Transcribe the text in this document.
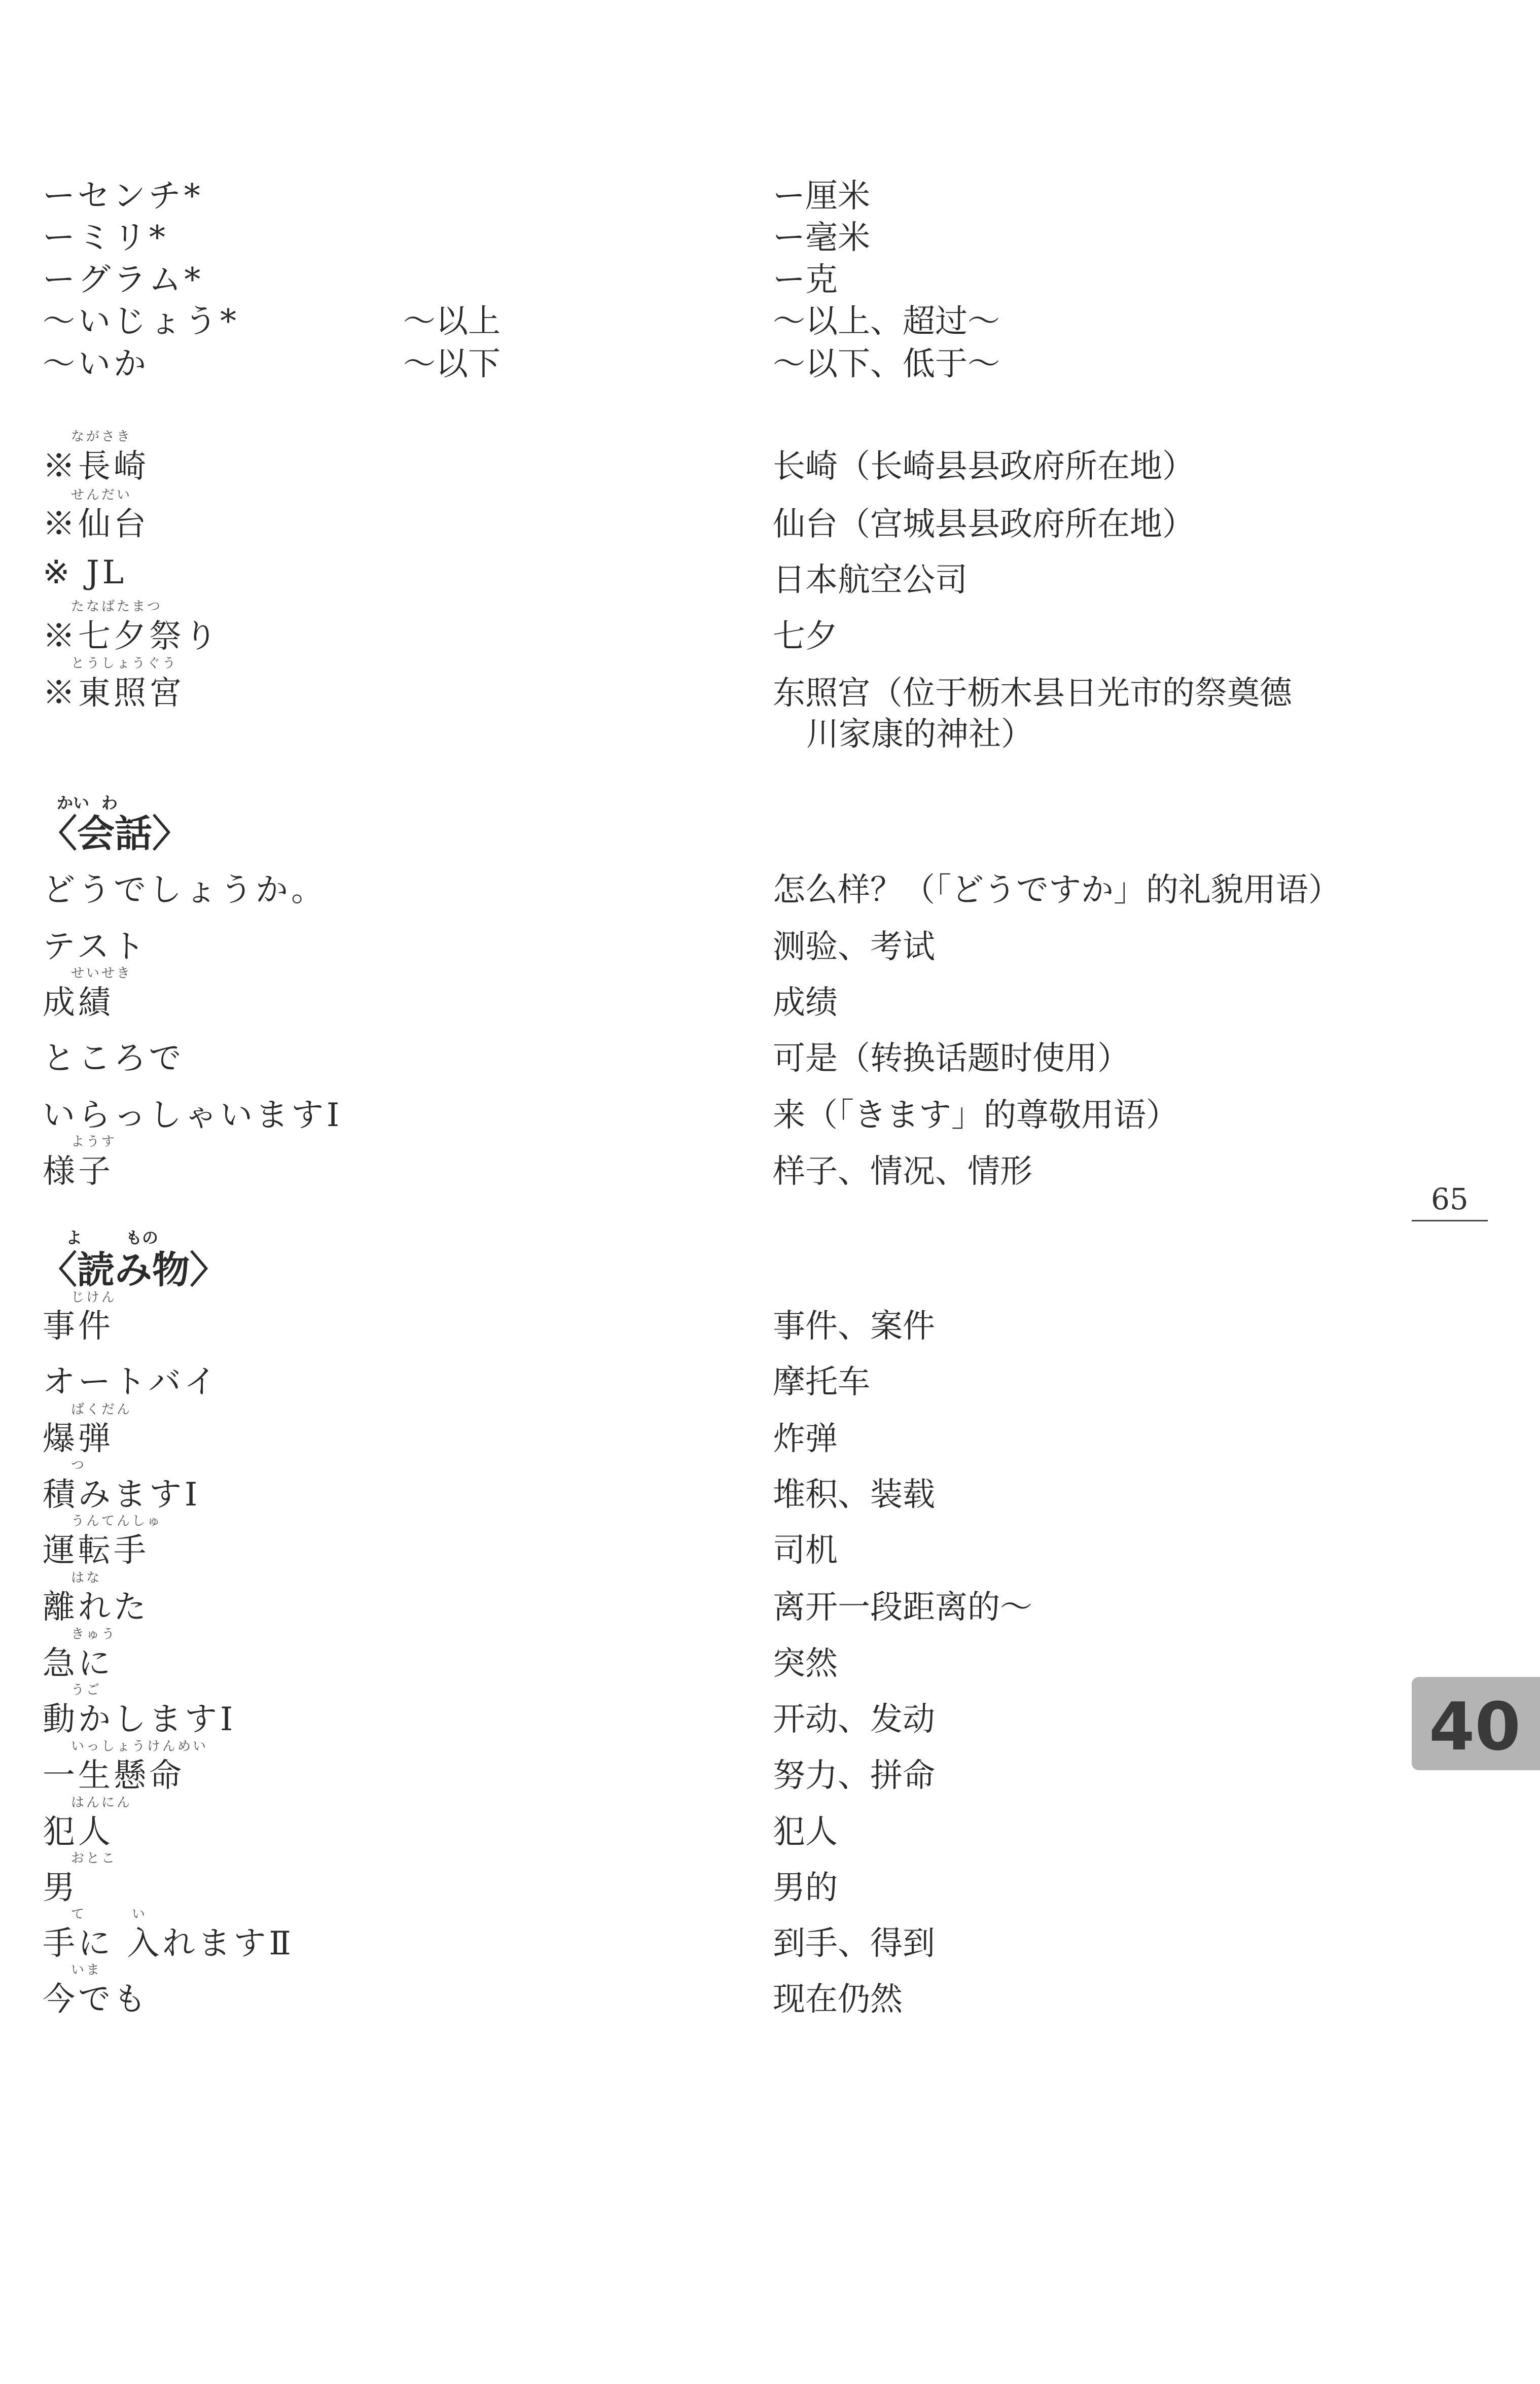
ーセンチ*	ー厘米
ーミリ*	ー毫米
ーグラム*	ー克
～いじょう*	～以上	～以上、超过～
～いか	～以下	～以下、低于～
ながさき
※長崎	长崎（长崎县县政府所在地）
せんだい
※仙台	仙台（宫城县县政府所在地）
※ JL	日本航空公司
たなばたまつ
※七夕祭り	七夕
とうしょうぐう
※東照宮	东照宫（位于枥木县日光市的祭奠德
川家康的神社）
かい わ
〈会話〉
どうでしょうか。	怎么样？（「どうですか」的礼貌用语）
テスト	测验、考试
せいせき
成績	成绩
ところで	可是（转换话题时使用）
いらっしゃいますⅠ	来（「きます」的尊敬用语）
ようす
様子	样子、情况、情形
よ	もの
〈読み物〉
じけん
事件	事件、案件
オートバイ	摩托车
ばくだん
爆弾	炸弹
つ
積みますⅠ	堆积、装载
うんてんしゅ
運転手	司机
はな
離れた	离开一段距离的～
きゅう
急に	突然
うご
動かしますⅠ	开动、发动
いっしょうけんめい
一生懸命	努力、拼命
はんにん
犯人	犯人
おとこ
男	男的
て　　　い
手に 入れますⅡ	到手、得到
いま
今でも	现在仍然
65
40
